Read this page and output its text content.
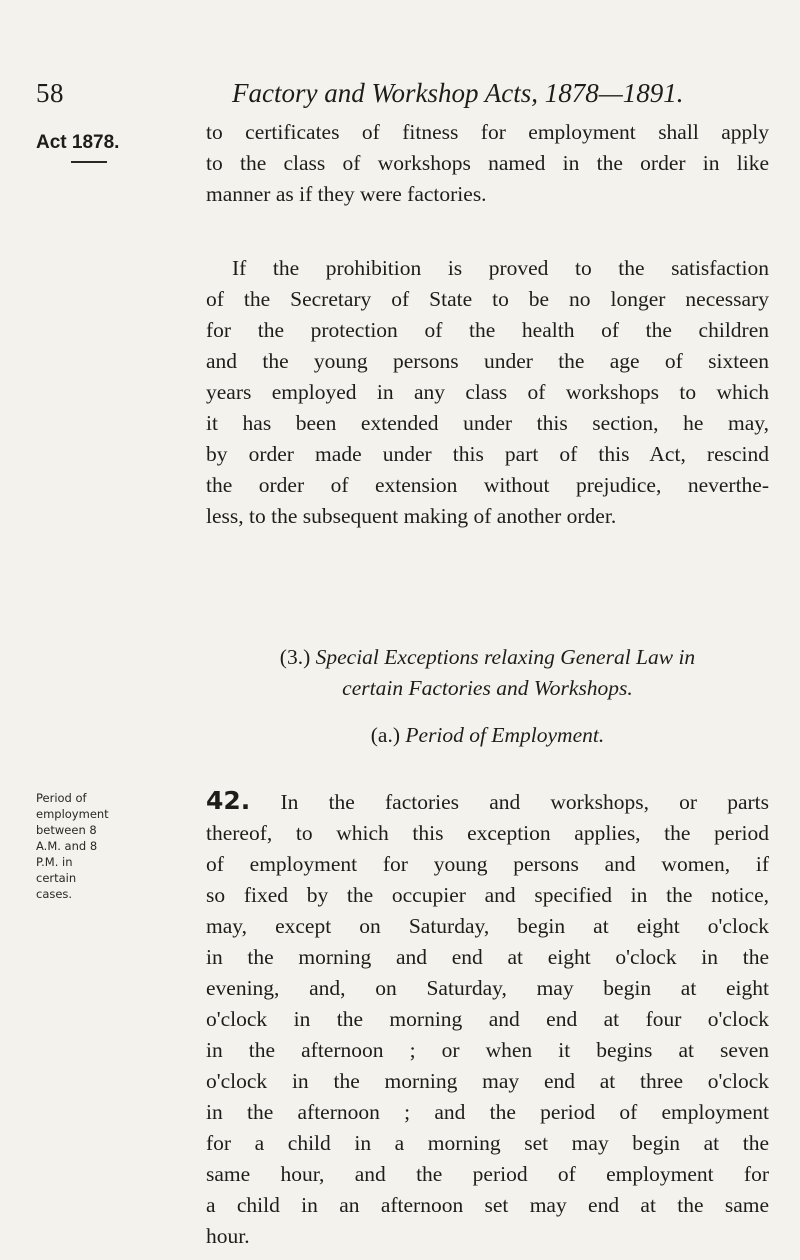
58	Factory and Workshop Acts, 1878—1891.
Act 1878.	to certificates of fitness for employment shall apply
to the class of workshops named in the order in like
manner as if they were factories.
If the prohibition is proved to the satisfaction
of the Secretary of State to be no longer necessary
for the protection of the health of the children
and the young persons under the age of sixteen
years employed in any class of workshops to which
it has been extended under this section, he may,
by order made under this part of this Act, rescind
the order of extension without prejudice, neverthe-
less, to the subsequent making of another order.
(3.) Special Exceptions relaxing General Law in
certain Factories and Workshops.
(a.) Period of Employment.
Period of
employment
between 8
A.M. and 8
P.M. in
certain
cases.
42. In the factories and workshops, or parts
thereof, to which this exception applies, the period
of employment for young persons and women, if
so fixed by the occupier and specified in the notice,
may, except on Saturday, begin at eight o'clock
in the morning and end at eight o'clock in the
evening, and, on Saturday, may begin at eight
o'clock in the morning and end at four o'clock
in the afternoon ; or when it begins at seven
o'clock in the morning may end at three o'clock
in the afternoon ; and the period of employment
for a child in a morning set may begin at the
same hour, and the period of employment for
a child in an afternoon set may end at the same
hour.
